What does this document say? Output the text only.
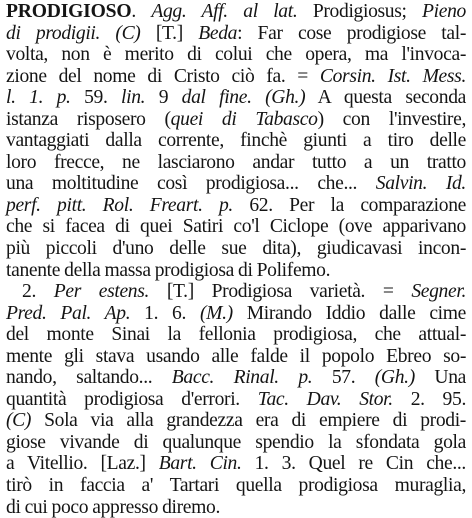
PRODIGIOSO. Agg. Aff. al lat. Prodigiosus; Pieno
di prodigii. (C) [T.] Beda: Far cose prodigiose tal-
volta, non è merito di colui che opera, ma l'invoca-
zione del nome di Cristo ciò fa. = Corsin. Ist. Mess.
l. 1. p. 59. lin. 9 dal fine. (Gh.) A questa seconda
istanza risposero (quei di Tabasco) con l'investire,
vantaggiati dalla corrente, finchè giunti a tiro delle
loro frecce, ne lasciarono andar tutto a un tratto
una moltitudine così prodigiosa... che... Salvin. Id.
perf. pitt. Rol. Freart. p. 62. Per la comparazione
che si facea di quei Satiri co'l Ciclope (ove apparivano
più piccoli d'uno delle sue dita), giudicavasi incon-
tanente della massa prodigiosa di Polifemo.
2. Per estens. [T.] Prodigiosa varietà. = Segner.
Pred. Pal. Ap. 1. 6. (M.) Mirando Iddio dalle cime
del monte Sinai la fellonia prodigiosa, che attual-
mente gli stava usando alle falde il popolo Ebreo so-
nando, saltando... Bacc. Rinal. p. 57. (Gh.) Una
quantità prodigiosa d'errori. Tac. Dav. Stor. 2. 95.
(C) Sola via alla grandezza era di empiere di prodi-
giose vivande di qualunque spendio la sfondata gola
a Vitellio. [Laz.] Bart. Cin. 1. 3. Quel re Cin che...
tirò in faccia a' Tartari quella prodigiosa muraglia,
di cui poco appresso diremo.
